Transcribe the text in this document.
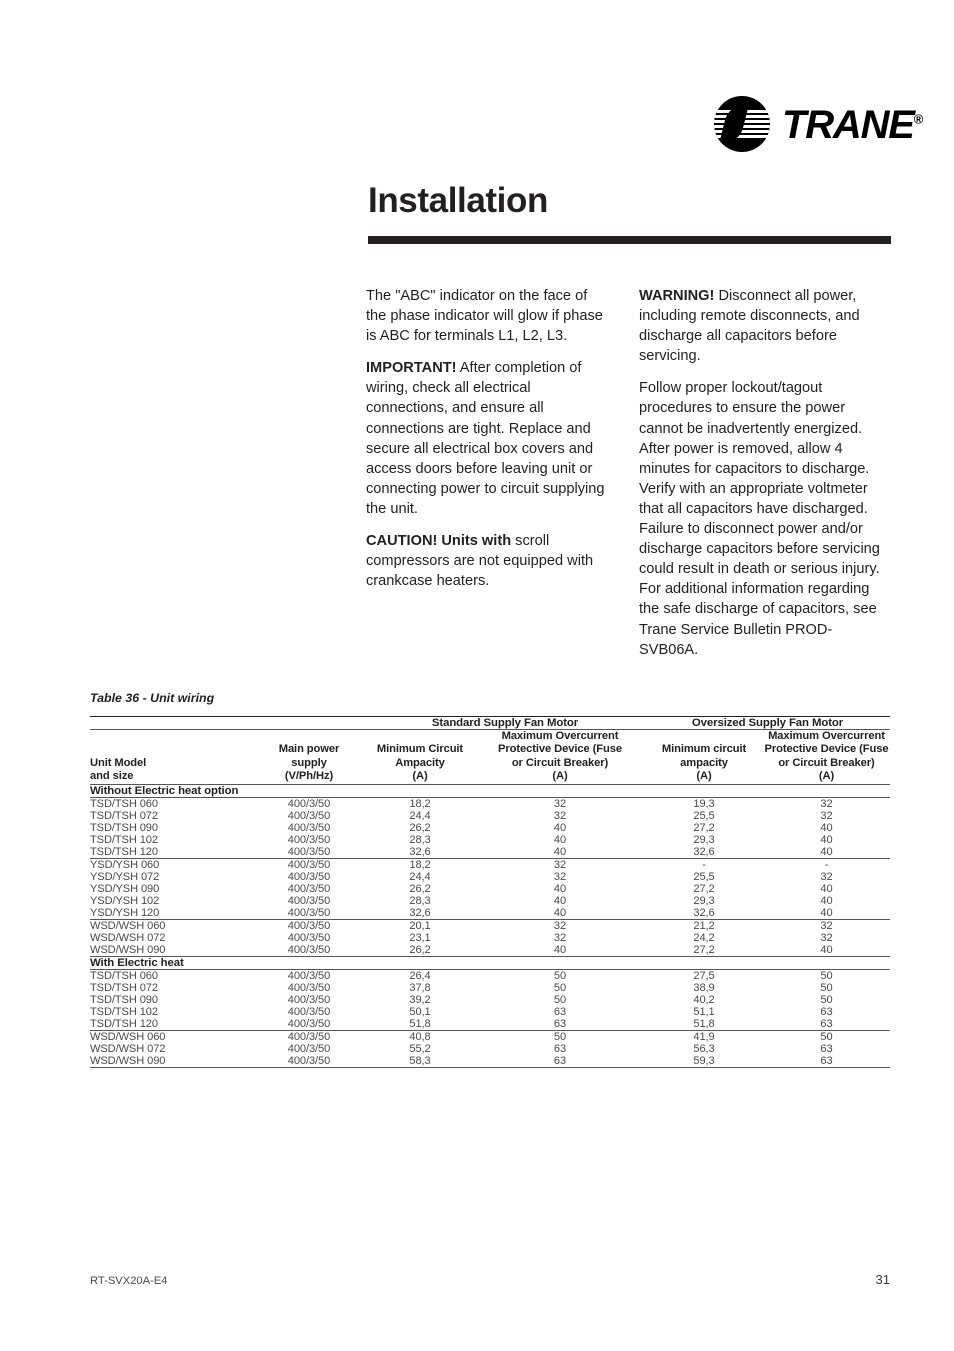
TRANE®
Installation

The "ABC" indicator on the face of the phase indicator will glow if phase is ABC for terminals L1, L2, L3.

IMPORTANT! After completion of wiring, check all electrical connections, and ensure all connections are tight. Replace and secure all electrical box covers and access doors before leaving unit or connecting power to circuit supplying the unit.

CAUTION! Units with scroll compressors are not equipped with crankcase heaters.

WARNING! Disconnect all power, including remote disconnects, and discharge all capacitors before servicing.

Follow proper lockout/tagout procedures to ensure the power cannot be inadvertently energized. After power is removed, allow 4 minutes for capacitors to discharge. Verify with an appropriate voltmeter that all capacitors have discharged. Failure to disconnect power and/or discharge capacitors before servicing could result in death or serious injury. For additional information regarding the safe discharge of capacitors, see Trane Service Bulletin PROD-SVB06A.

Table 36 - Unit wiring
		Standard Supply Fan Motor		Oversized Supply Fan Motor	

Unit Model
and size

Main power
supply
(V/Ph/Hz)

Minimum Circuit
Ampacity
(A)

Maximum Overcurrent
Protective Device (Fuse
or Circuit Breaker)
(A)

Minimum circuit
ampacity
(A)

Maximum Overcurrent
Protective Device (Fuse
or Circuit Breaker)
(A)

Without Electric heat option					
TSD/TSH 060	400/3/50	18,2	32	19,3	32
TSD/TSH 072	400/3/50	24,4	32	25,5	32
TSD/TSH 090	400/3/50	26,2	40	27,2	40
TSD/TSH 102	400/3/50	28,3	40	29,3	40
TSD/TSH 120	400/3/50	32,6	40	32,6	40
YSD/YSH 060	400/3/50	18,2	32	-	-
YSD/YSH 072	400/3/50	24,4	32	25,5	32
YSD/YSH 090	400/3/50	26,2	40	27,2	40
YSD/YSH 102	400/3/50	28,3	40	29,3	40
YSD/YSH 120	400/3/50	32,6	40	32,6	40
WSD/WSH 060	400/3/50	20,1	32	21,2	32
WSD/WSH 072	400/3/50	23,1	32	24,2	32
WSD/WSH 090	400/3/50	26,2	40	27,2	40
With Electric heat					
TSD/TSH 060	400/3/50	26,4	50	27,5	50
TSD/TSH 072	400/3/50	37,8	50	38,9	50
TSD/TSH 090	400/3/50	39,2	50	40,2	50
TSD/TSH 102	400/3/50	50,1	63	51,1	63
TSD/TSH 120	400/3/50	51,8	63	51,8	63
WSD/WSH 060	400/3/50	40,8	50	41,9	50
WSD/WSH 072	400/3/50	55,2	63	56,3	63
WSD/WSH 090	400/3/50	58,3	63	59,3	63

RT-SVX20A-E4	31
